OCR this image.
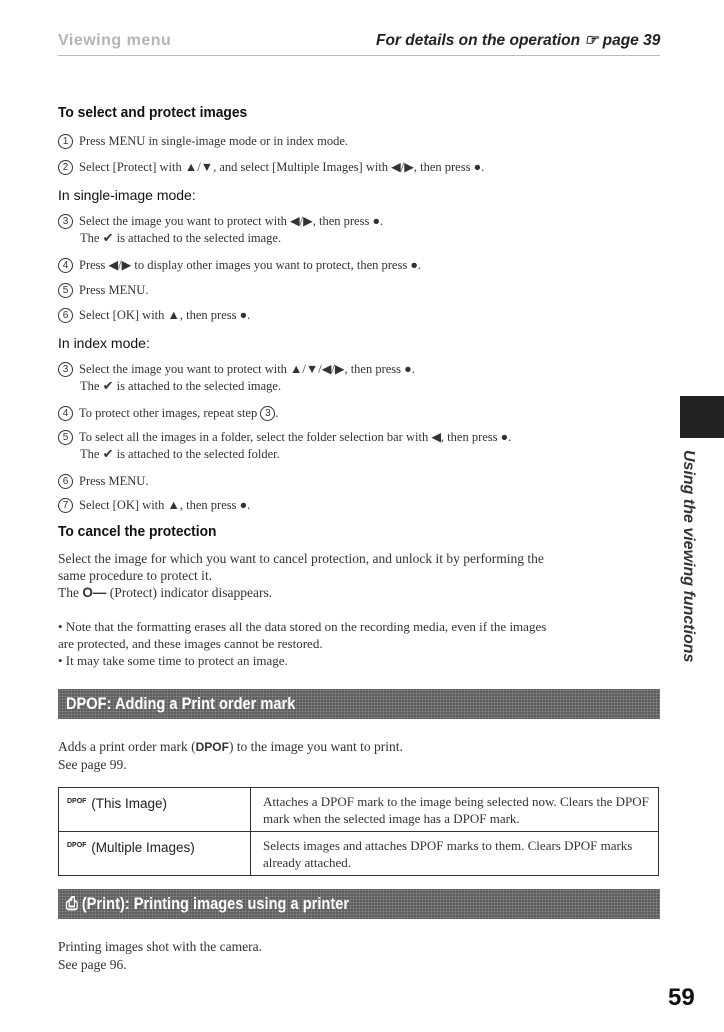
Viewing menu	For details on the operation ☞ page 39
To select and protect images
1 Press MENU in single-image mode or in index mode.
2 Select [Protect] with ▲/▼, and select [Multiple Images] with ◀/▶, then press ●.
In single-image mode:
3 Select the image you want to protect with ◀/▶, then press ●.
The ✔ is attached to the selected image.
4 Press ◀/▶ to display other images you want to protect, then press ●.
5 Press MENU.
6 Select [OK] with ▲, then press ●.
In index mode:
3 Select the image you want to protect with ▲/▼/◀/▶, then press ●.
The ✔ is attached to the selected image.
4 To protect other images, repeat step 3 .
5 To select all the images in a folder, select the folder selection bar with ◀, then press ●.
The ✔ is attached to the selected folder.
6 Press MENU.
7 Select [OK] with ▲, then press ●.
To cancel the protection
Select the image for which you want to cancel protection, and unlock it by performing the
same procedure to protect it.
The O— (Protect) indicator disappears.
• Note that the formatting erases all the data stored on the recording media, even if the images
are protected, and these images cannot be restored.
• It may take some time to protect an image.
DPOF: Adding a Print order mark
Adds a print order mark (DPOF) to the image you want to print.
See page 99.
$^{DPOF}$ (This Image)	Attaches a DPOF mark to the image being selected now. Clears the DPOF mark when the selected image has a DPOF mark.
$^{DPOF}$ (Multiple Images)	Selects images and attaches DPOF marks to them. Clears DPOF marks already attached.
⎙ (Print): Printing images using a printer
Printing images shot with the camera.
See page 96.
Using the viewing functions
59
